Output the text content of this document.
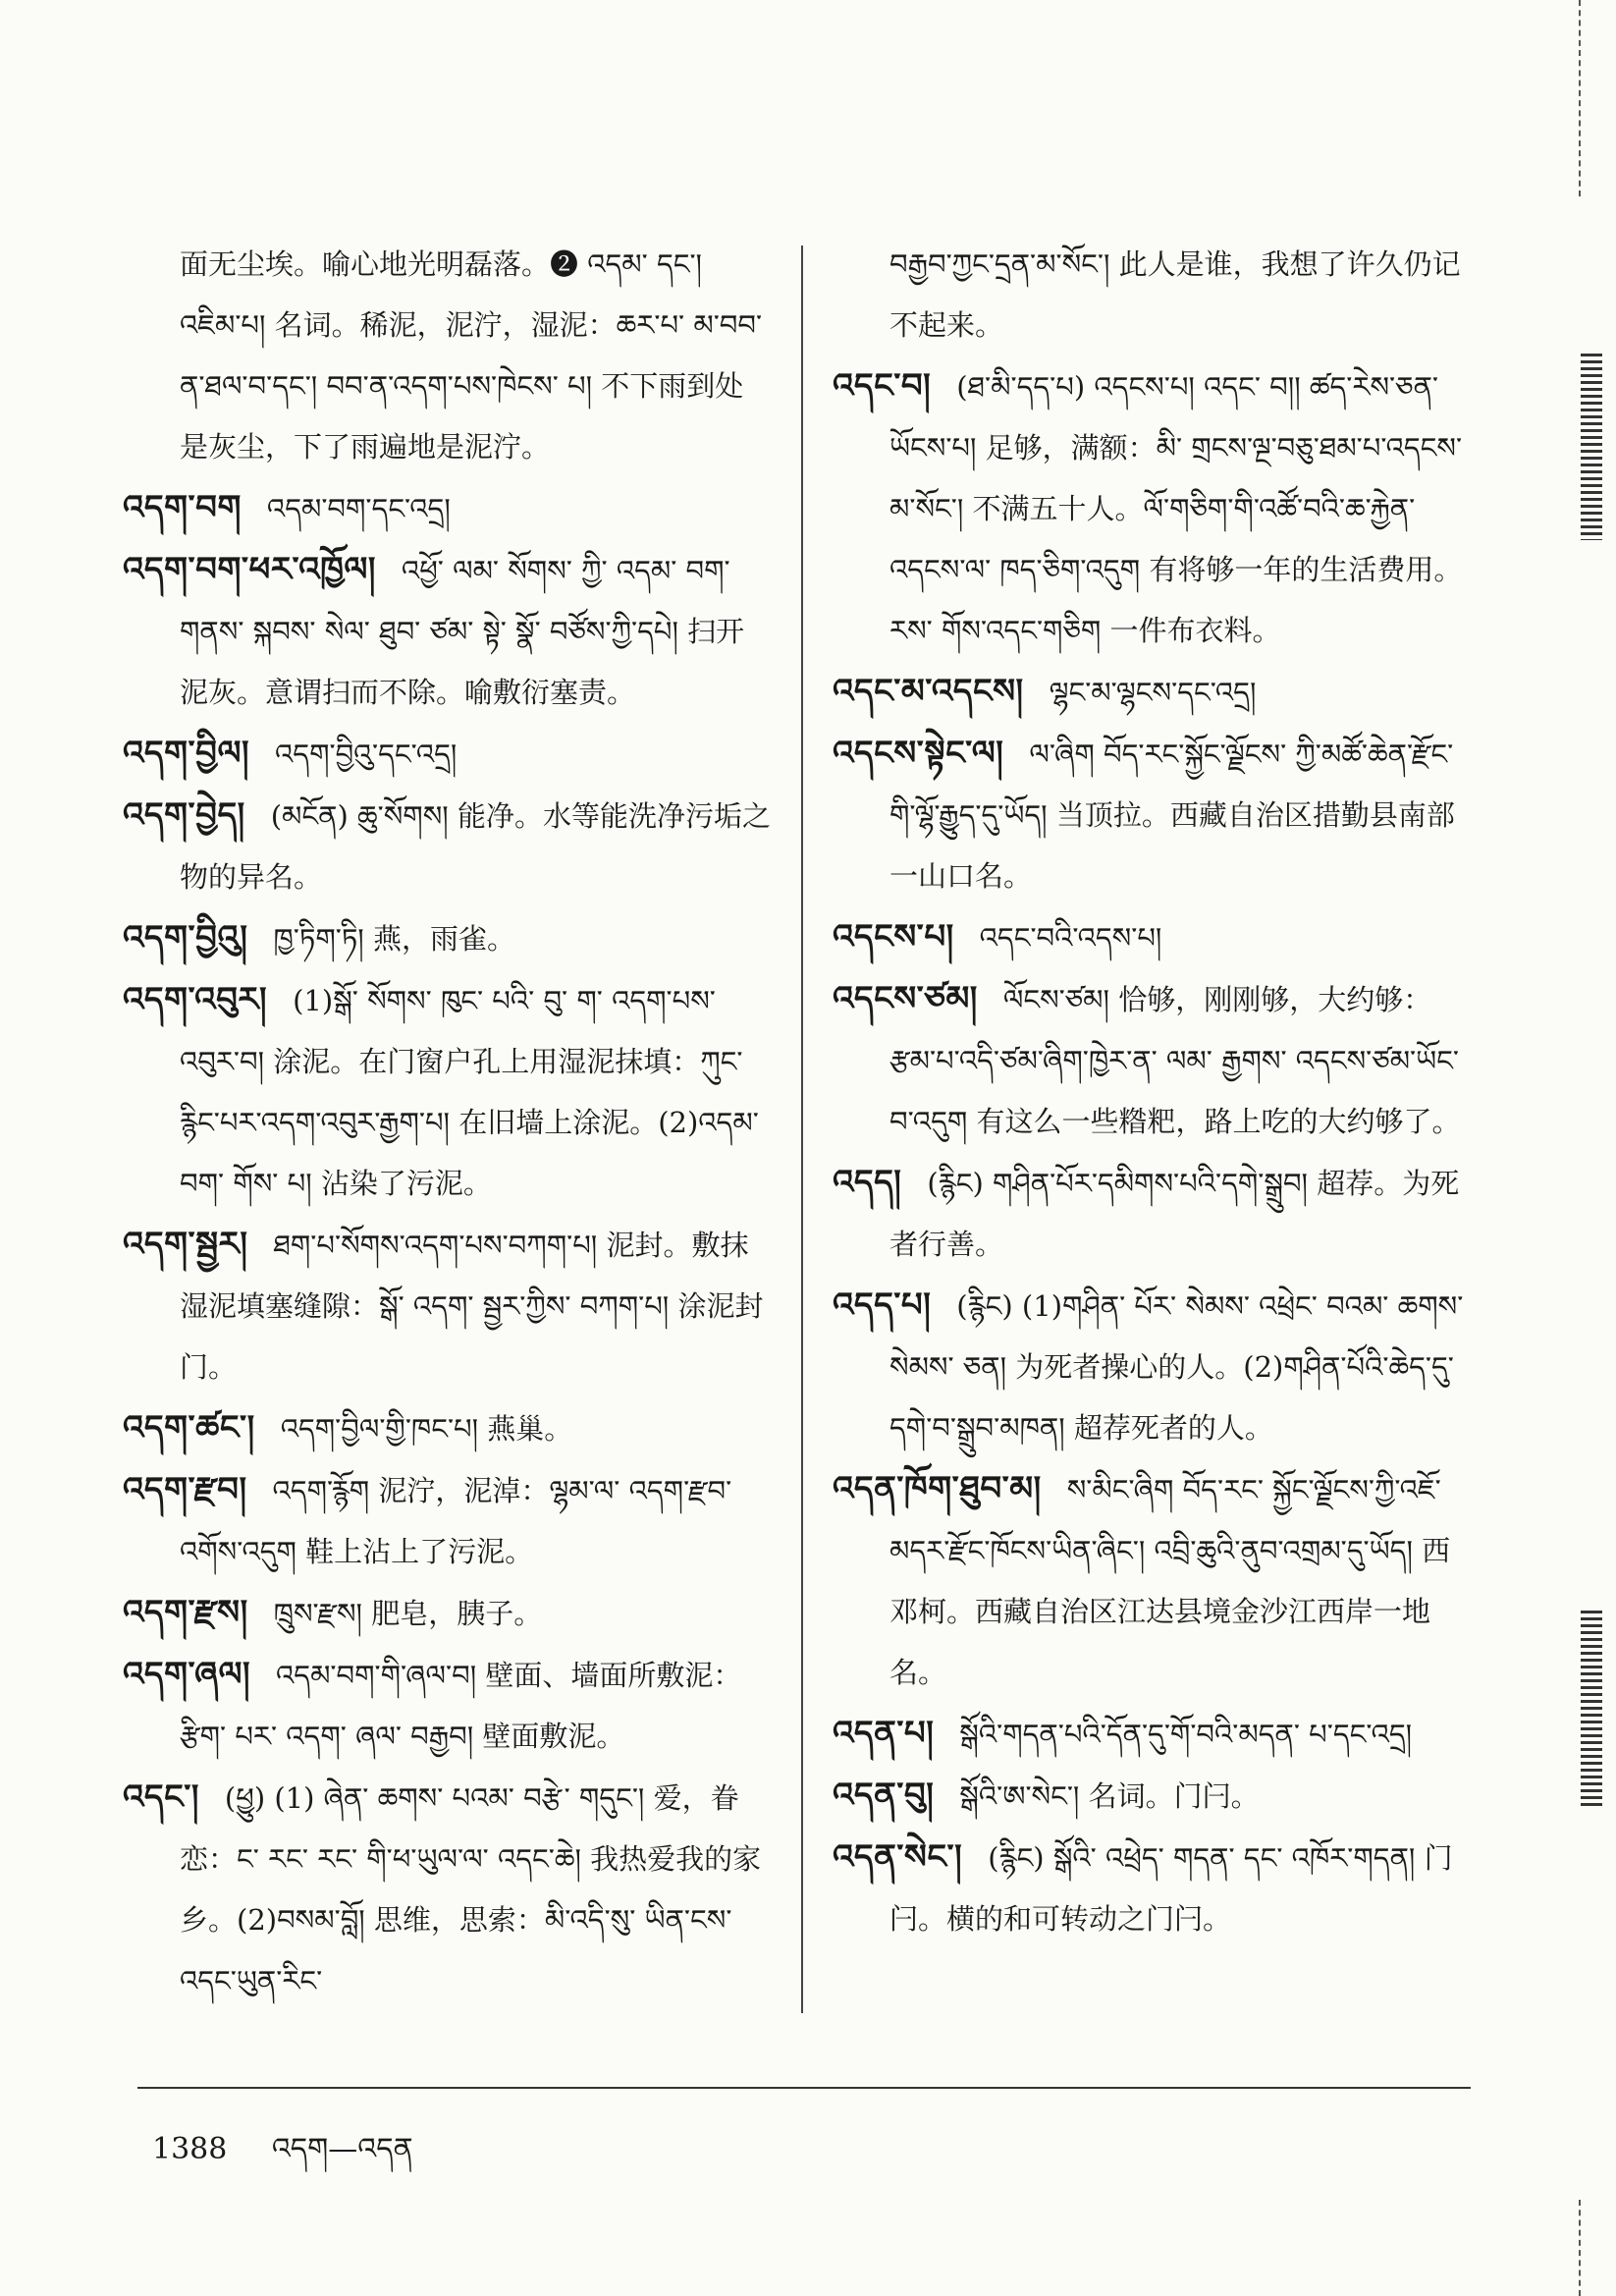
面无尘埃。喻心地光明磊落。❷ འདམ་ དང་། འཇིམ་པ། 名词。稀泥，泥泞，湿泥：ཆར་པ་ མ་བབ་ན་ཐལ་བ་དང་། བབ་ན་འདག་པས་ཁེངས་ པ། 不下雨到处是灰尘，下了雨遍地是泥泞。
འདག་བག འདམ་བག་དང་འདྲ།
འདག་བག་ཕར་འཁྱོལ། འཕྱོ་ ལམ་ སོགས་ ཀྱི་ འདམ་ བག་ གནས་ སྐབས་ སེལ་ ཐུབ་ ཙམ་ སྟེ་ སྣོ་ བཙོས་ཀྱི་དཔེ། 扫开泥灰。意谓扫而不除。喻敷衍塞责。
འདག་བྱིལ། འདག་བྱིའུ་དང་འདྲ།
འདག་བྱེད། (མངོན) ཆུ་སོགས། 能净。水等能洗净污垢之物的异名。
འདག་བྱིའུ། ཁྱ་ཏིག་ཏི། 燕，雨雀。
འདག་འབུར། (1)སྒོ་ སོགས་ ཁུང་ པའི་ བུ་ ག་ འདག་པས་འབུར་བ། 涂泥。在门窗户孔上用湿泥抹填：ཀུང་རྙིང་པར་འདག་འབུར་རྒྱག་པ། 在旧墙上涂泥。(2)འདམ་ བག་ གོས་ པ། 沾染了污泥。
འདག་སྦྱར། ཐག་པ་སོགས་འདག་པས་བཀག་པ། 泥封。敷抹湿泥填塞缝隙：སྒོ་ འདག་ སྦྱར་ཀྱིས་ བཀག་པ། 涂泥封门。
འདག་ཚང་། འདག་བྱིལ་གྱི་ཁང་པ། 燕巢。
འདག་རྫབ། འདག་རྙོག 泥泞，泥淖：ལྷམ་ལ་ འདག་རྫབ་འགོས་འདུག 鞋上沾上了污泥。
འདག་རྫས། ཁྲུས་རྫས། 肥皂，胰子。
འདག་ཞལ། འདམ་བག་གི་ཞལ་བ། 壁面、墙面所敷泥：རྩིག་ པར་ འདག་ ཞལ་ བརྒྱབ། 壁面敷泥。
འདང་། (ཕྱུ) (1) ཞེན་ ཆགས་ པའམ་ བརྩེ་ གདུང་། 爱，眷恋：ང་ རང་ རང་ གི་ཕ་ཡུལ་ལ་ འདང་ཆེ། 我热爱我的家乡。(2)བསམ་བློ། 思维，思索：མི་འདི་སུ་ ཡིན་ངས་ འདང་ཡུན་རིང་
བརྒྱབ་ཀྱང་དྲན་མ་སོང་། 此人是谁，我想了许久仍记不起来。
འདང་བ། (ཐ་མི་དད་པ) འདངས་པ། འདང་ བ།། ཚད་རེས་ཅན་ཡོངས་པ། 足够，满额：མི་ གྲངས་ལྔ་བཅུ་ཐམ་པ་འདངས་མ་སོང་། 不满五十人。ལོ་གཅིག་གི་འཚོ་བའི་ཆ་རྐྱེན་འདངས་ལ་ ཁད་ཅིག་འདུག 有将够一年的生活费用。རས་ གོས་འདང་གཅིག 一件布衣料。
འདང་མ་འདངས། ལྷང་མ་ལྷངས་དང་འདྲ།
འདངས་སྟེང་ལ། ལ་ཞིག བོད་རང་སྐྱོང་ལྗོངས་ ཀྱི་མཚོ་ཆེན་རྫོང་གི་ལྷོ་རྒྱུད་དུ་ཡོད། 当顶拉。西藏自治区措勤县南部一山口名。
འདངས་པ། འདང་བའི་འདས་པ།
འདངས་ཙམ། ལོངས་ཙམ། 恰够，刚刚够，大约够：རྩམ་པ་འདི་ཙམ་ཞིག་ཁྱེར་ན་ ལམ་ རྒྱགས་ འདངས་ཙམ་ཡོང་བ་འདུག 有这么一些糌粑，路上吃的大约够了。
འདད། (རྙིང) གཤིན་པོར་དམིགས་པའི་དགེ་སྒྲུབ། 超荐。为死者行善。
འདད་པ། (རྙིང) (1)གཤིན་ པོར་ སེམས་ འཕྲེང་ བའམ་ ཆགས་ སེམས་ ཅན། 为死者操心的人。(2)གཤིན་པོའི་ཆེད་དུ་དགེ་བ་སྒྲུབ་མཁན། 超荐死者的人。
འདན་ཁོག་ཐུབ་མ། ས་མིང་ཞིག བོད་རང་ སྐྱོང་ལྗོངས་ཀྱི་འཇོ་མདར་རྫོང་ཁོངས་ཡིན་ཞིང་། འབྲི་ཆུའི་ནུབ་འགྲམ་དུ་ཡོད། 西邓柯。西藏自治区江达县境金沙江西岸一地名。
འདན་པ། སྒོའི་གདན་པའི་དོན་དུ་གོ་བའི་མདན་ པ་དང་འདྲ།
འདན་བུ། སྒོའི་ཨ་སེང་། 名词。门闩。
འདན་སེང་། (རྙིང) སྒོའི་ འཕྲེད་ གདན་ དང་ འཁོར་གདན། 门闩。横的和可转动之门闩。
1388 འདག—འདན
